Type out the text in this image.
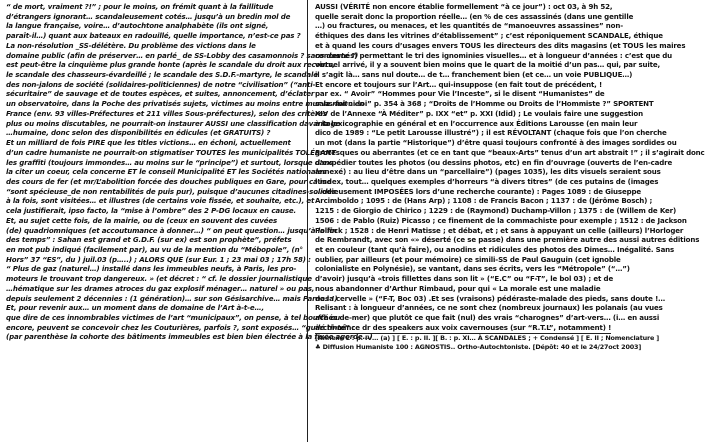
“ de mort, vraiment ?!” ; pour le moins, on frémit quant à la faillitude
d’étrangers ignorant… scandaleusement cotés… jusqu’à un bredin mol de
la langue française, voire… d’autochtone analphabète (ils ont signé,
paraît-il…) quant aux bateaux en radouillé, quelle importance, n’est-ce pas ?
La non-résolution _SS-délétère. Du problème des victions dans le
domaine public (afin de préserver… en parlé_ de SS-Lobby des casamonnois ? sans doute ?)
est peut-être la cinquième plus grande honte (après le scandale du droit aux recours,
le scandale des chasseurs-évardeillé ; le scandale des S.D.F.-martyre, le scandale
des non-jalons de société (solidaires-politiciennes) de notre “civilisation” (“anti-
sécuritaire” de sauvage et de toutes espèces, et suites, annoncement, d’éclater
un observatoire, dans la Poche des privatisés sujets, victimes au moins entre mur la nuit : en
France (env. 93 villes-Préfectures et 211 villes Sous-préfectures), selon des critères
plus ou moins discutables, ne pourrait-on instaurer AUSSI une classification davantage
…humaine, donc selon des disponibilités en édicules (et GRATUITS) ?
Et un milliard de fois PIRE que les titles victions… en échoni, actuellement
d’un cadre humaniste ne pourrait-on stigmatiser TOUTES les municipalités TOLÉRANT
les graffiti (toujours immondes… au moins sur le “principe”) et surtout, lorsque dans
la citer un coeur, cela concerne ET le conseil Municipalité ET les Sociétés nationales
des cours de fer (et mr/L’abolition forcée des douches publiques en Gare, pour cause
“sont spécieuse_de non rentabilités de puis pur), puisque d’aucunes citadines-solides
à la fois, sont visitées… et illustres (de certains voie fissée, et souhaite, etc.), et
cela justifierait, ipso facto, la “mise à l’ombre” des 2 P-DG locaux en cause.
Et, au sujet cette fois, de la mairie, ou de (ceux en souvent des cuvées
(de) quadriomniques (et accoutumance à donner…) “ on peut question… jusqu’à la fin
des temps” : Sahan est grand et G.D.F. (sur ex) est son prophète”, préfets
en mot pub indiqué (facilement par), au vu de la mention du “Mébopole”, (n°
Hors” 37 “ES”, du ) juil.03 (p…..) ; ALORS QUE (sur Eur. 1 ; 23 mai 03 ; 17h 58) :
“ Plus de gaz (naturel…) installé dans les immeubles neufs, à Paris, les pro-
moteurs le trouvant trop dangereux. » (et décret : “ cf. le dossier journalistique
…hématique sur les drames atroces du gaz explosif ménager… naturel » ou pas,
depuis seulement 2 décennies : (1 génération)… sur son Gésisarchive… mais Parnas !)
Et, pour revenir aux… un moment dans de domaine de l’Art à-t-e…,
que dire de ces innombrables victimes de l’art “municipaux”, on pense, à tel bouffé ou
encore, peuvent se concevoir chez les Couturières, parfois ?, sont exposés… “guilé tinté” :
(par parenthèse la cohorte des bâtiments immeubles est bien bien électrée à la fixée agorde…)
AUSSI (VÉRITÉ non encore établie formellement “à ce jour”) : oct 03, à 9h 52,
quelle serait donc la proportion réelle… (en % de ces assassinés (dans une gentille
…) ou fractures, ou menaces, et les quantités de “manoeuvres assassines” non-
éthiques des dans les vitrines d’établissement” ; c’est réponiquement SCANDALE, éthique
et à quand les cours d’usages envers TOUS les directeurs des dits magasins (et TOUS les maires
concernés) permettant le tri des ignominies visuelles… et à longueur d’années : c’est que du
virtuel arrivé, il y a souvent bien moins que le quart de la moitié d’un pas… qui, par suite,
il s’agit là… sans nul doute… de t… franchement bien (et ce… un voie PUBLIQUE…)
Et encore et toujours sur l’Art… qui-insuppose (en fait tout de précédent, !
par ex. “ Avoir” “Hommes pour Vie l’Inceste”, si le disent “Humanistes” de
sans-foi-ni-loi” p. 354 à 368 ; “Droits de l’Homme ou Droits de l’Hommiste ?” SPORTENT
XIV de l’Annexe “À Méditer” p. IXX “et” p. XXI (Idid) ; Le voulais faire une suggestion
à la lexicographie en général et en l’occurrence aux Éditions Larousse (en main leur
dico de 1989 : “Le petit Larousse illustré”) ; il est RÉVOLTANT (chaque fois que l’on cherche
un mot (dans la partie “Historique”) d’être quasi toujours confronté à des images sordides ou
grotesques ou aberrantes (et ce en tant que “beaux-Arts” tenus d’un art abstrait !” ; il s’agirait donc
d’expédier toutes les photos (ou dessins photos, etc) en fin d’ouvrage (ouverts de l’en-cadre
annexé) : au lieu d’être dans un “parcellaire”) (pages 1035), les dits visuels seraient sous
l’index, tout… quelques exemples d’horreurs “à divers titres” (de ces putains de (images
…odieusement IMPOSÉES lors d’une recherche courante) : Pages 1089 : de Giuseppe
Arcimboldo ; 1095 : de (Hans Arp) ; 1108 : de Francis Bacon ; 1137 : de (Jérôme Bosch) ;
1215 : de Giorgio de Chirico ; 1229 : de (Raymond) Duchamp-Villon ; 1375 : de (Willem de Ker)
1506 : de Pablo (Ruiz) Picasso ; ce finement de la commachiste pour exemple ; 1512 : de Jackson
Pollock ; 1528 : de Henri Matisse ; et débat, et ; et sans à appuyant un celle (ailleurs) l’Horloger
de Rembrandt, avec son «» déserté (ce se passe) dans une première autre des aussi autres éditions
et en couleur (tant qu’à faire), ou anodins et ridicules des photos des Dimes… Inégalité. Sans
oublier, par ailleurs (et pour mémoire) ce simili-SS de Paul Gauguin (cet ignoble
colonialiste en Polynésie), se vantant, dans ses écrits, vers les “Métropole” (“…”)
d’avoir) jusqu’à «trois fillettes dans son lit » (“E.C” ou “F-T”, le bol 03) ; et de
nous abandonner d’Arthur Rimbaud, pour qui « La morale est une maladie
de la cervelle » (“F-T, Boc 03) .Et ses (vraisons) pédéraste-malade des pieds, sans doute !…
Relisant : à longueur d’années, ce ne sont chez (nombreux journaux) les polanais (au vues
achés de-mer) que plutôt ce que fait (nul) des vrais “charognes” d’art-vers… (i… en aussi
archi-mince dr des speakers aux voix cavernouses (sur “R.T.L”, notamment) !
[Annexe L : p. IV… (a) ] [ E. : p. II. ][ B. : p. XI… À SCANDALES ; + Condensé ] [ E. II ; Nomenclature ]
♣ Diffusion Humaniste 100 : AGNOSTIS.. Ortho-Autochtoniste. [Dépôt: 40 et le 24/27oct 2003]
